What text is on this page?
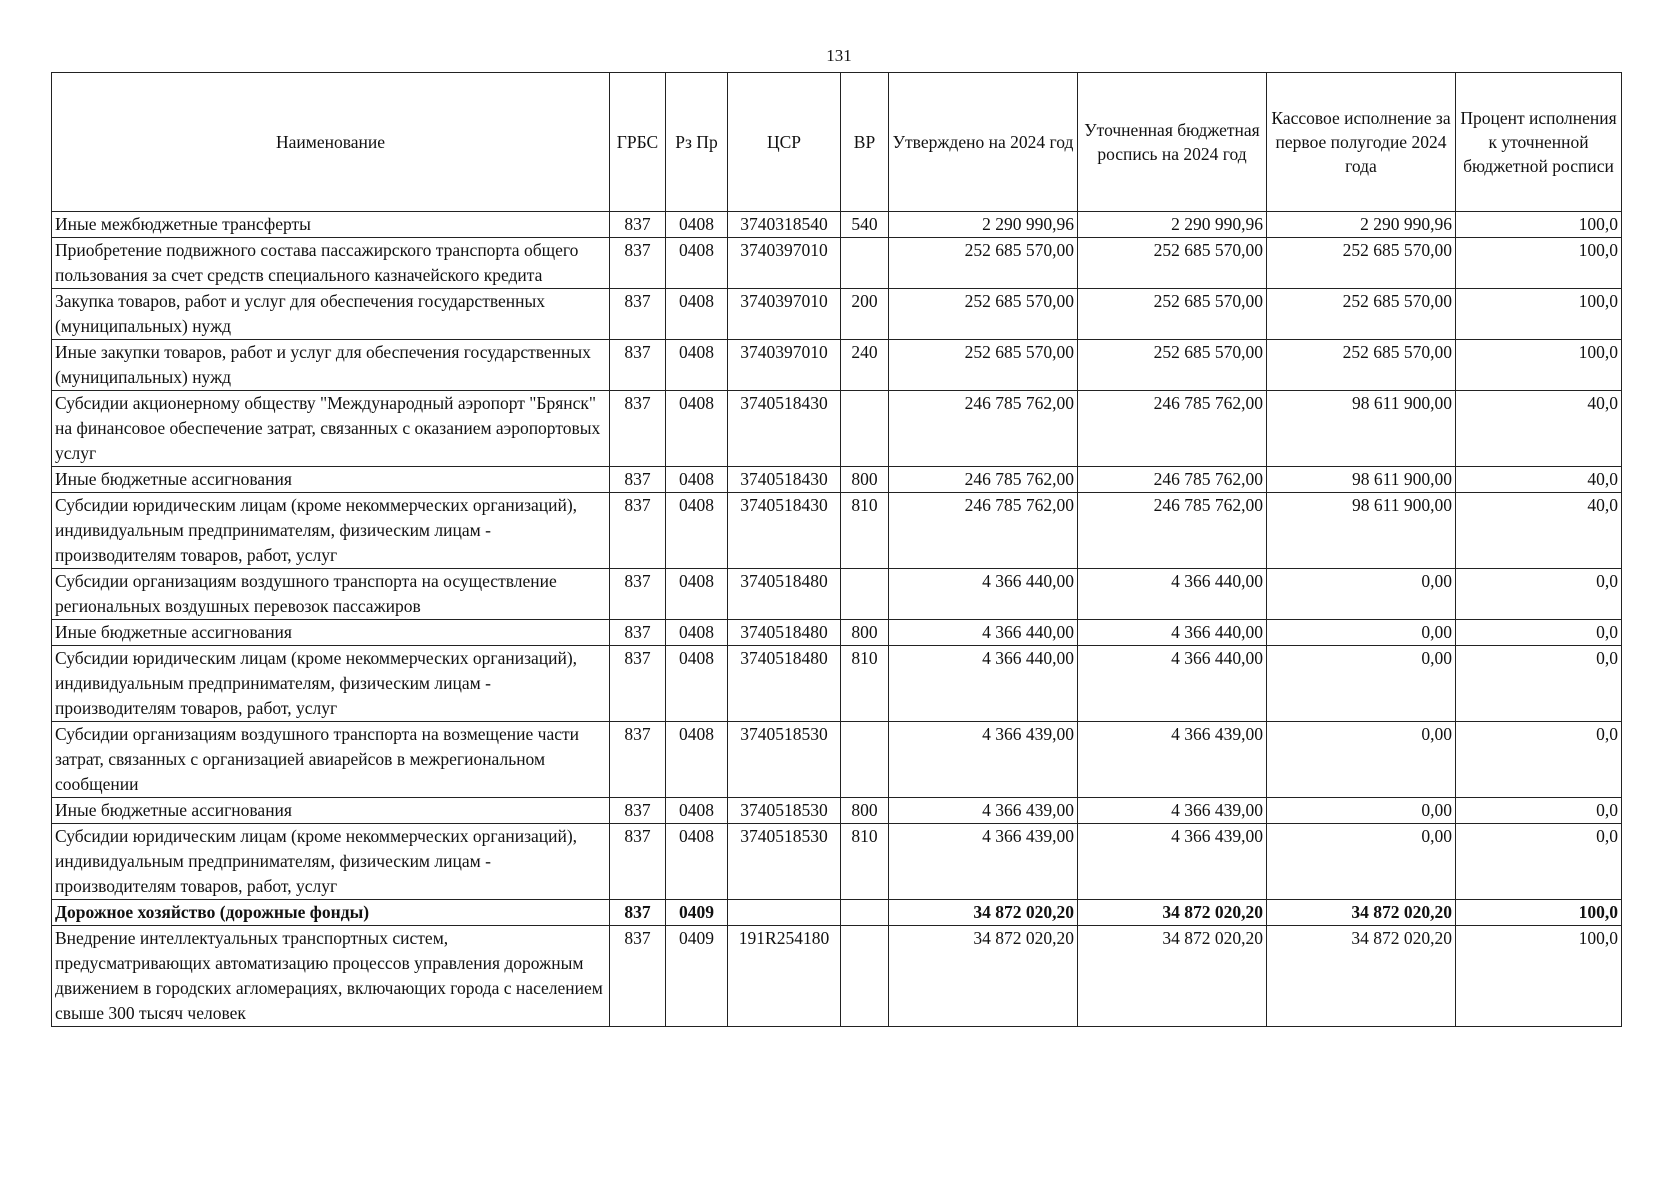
131
Наименование	ГРБС	Рз Пр	ЦСР	ВР	Утверждено на 2024 год	Уточненная бюджетная роспись на 2024 год	Кассовое исполнение за первое полугодие 2024 года	Процент исполнения к уточненной бюджетной росписи
Иные межбюджетные трансферты	837	0408	3740318540	540	2 290 990,96	2 290 990,96	2 290 990,96	100,0
Приобретение подвижного состава пассажирского транспорта общего пользования за счет средств специального казначейского кредита	837	0408	3740397010		252 685 570,00	252 685 570,00	252 685 570,00	100,0
Закупка товаров, работ и услуг для обеспечения государственных (муниципальных) нужд	837	0408	3740397010	200	252 685 570,00	252 685 570,00	252 685 570,00	100,0
Иные закупки товаров, работ и услуг для обеспечения государственных (муниципальных) нужд	837	0408	3740397010	240	252 685 570,00	252 685 570,00	252 685 570,00	100,0
Субсидии акционерному обществу "Международный аэропорт "Брянск" на финансовое обеспечение затрат, связанных с оказанием аэропортовых услуг	837	0408	3740518430		246 785 762,00	246 785 762,00	98 611 900,00	40,0
Иные бюджетные ассигнования	837	0408	3740518430	800	246 785 762,00	246 785 762,00	98 611 900,00	40,0
Субсидии юридическим лицам (кроме некоммерческих организаций), индивидуальным предпринимателям, физическим лицам - производителям товаров, работ, услуг	837	0408	3740518430	810	246 785 762,00	246 785 762,00	98 611 900,00	40,0
Субсидии организациям воздушного транспорта на осуществление региональных воздушных перевозок пассажиров	837	0408	3740518480		4 366 440,00	4 366 440,00	0,00	0,0
Иные бюджетные ассигнования	837	0408	3740518480	800	4 366 440,00	4 366 440,00	0,00	0,0
Субсидии юридическим лицам (кроме некоммерческих организаций), индивидуальным предпринимателям, физическим лицам - производителям товаров, работ, услуг	837	0408	3740518480	810	4 366 440,00	4 366 440,00	0,00	0,0
Субсидии организациям воздушного транспорта на возмещение части затрат, связанных с организацией авиарейсов в межрегиональном сообщении	837	0408	3740518530		4 366 439,00	4 366 439,00	0,00	0,0
Иные бюджетные ассигнования	837	0408	3740518530	800	4 366 439,00	4 366 439,00	0,00	0,0
Субсидии юридическим лицам (кроме некоммерческих организаций), индивидуальным предпринимателям, физическим лицам - производителям товаров, работ, услуг	837	0408	3740518530	810	4 366 439,00	4 366 439,00	0,00	0,0
Дорожное хозяйство (дорожные фонды)	837	0409			34 872 020,20	34 872 020,20	34 872 020,20	100,0
Внедрение интеллектуальных транспортных систем, предусматривающих автоматизацию процессов управления дорожным движением в городских агломерациях, включающих города с населением свыше 300 тысяч человек	837	0409	191R254180		34 872 020,20	34 872 020,20	34 872 020,20	100,0
